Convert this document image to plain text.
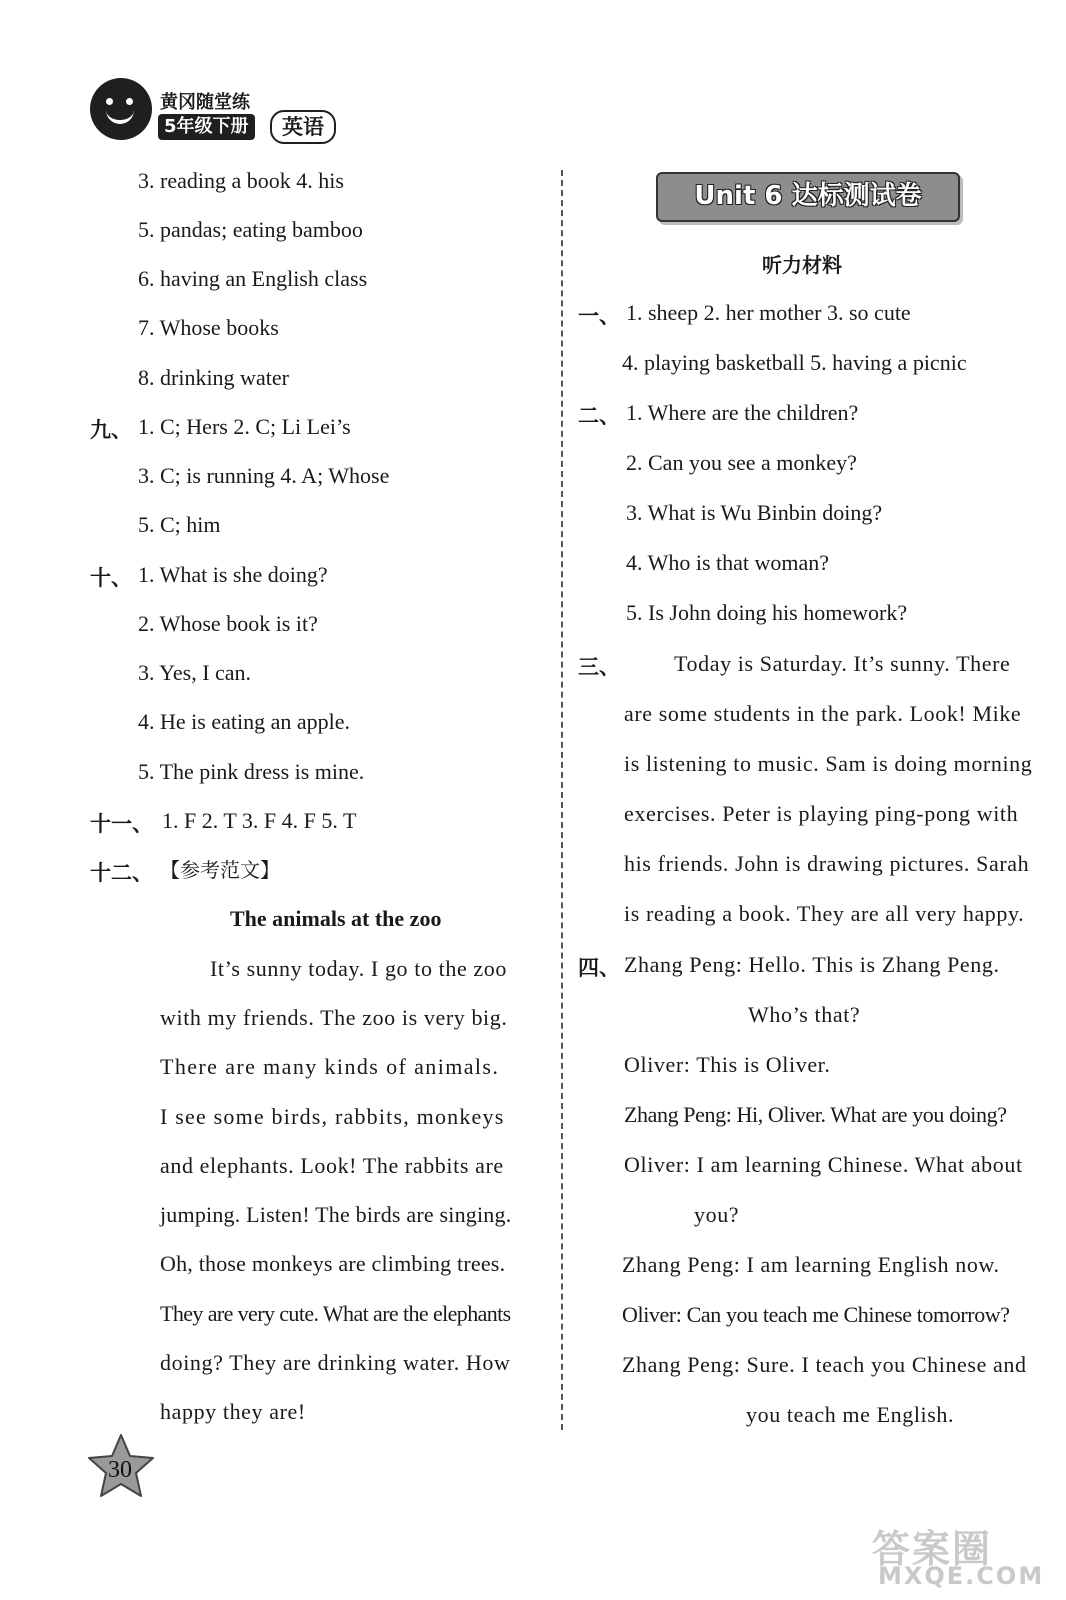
黄冈随堂练
5年级下册	英语
3. reading a book 4. his
5. pandas; eating bamboo
6. having an English class
7. Whose books
8. drinking water
九、 1. C; Hers 2. C; Li Lei’s
3. C; is running 4. A; Whose
5. C; him
十、 1. What is she doing?
2. Whose book is it?
3. Yes, I can.
4. He is eating an apple.
5. The pink dress is mine.
十一、 1. F 2. T 3. F 4. F 5. T
十二、 【参考范文】
The animals at the zoo
It’s sunny today. I go to the zoo
with my friends. The zoo is very big.
There are many kinds of animals.
I see some birds, rabbits, monkeys
and elephants. Look! The rabbits are
jumping. Listen! The birds are singing.
Oh, those monkeys are climbing trees.
They are very cute. What are the elephants
doing? They are drinking water. How
happy they are!
Unit 6 达标测试卷
听力材料
一、 1. sheep 2. her mother 3. so cute
4. playing basketball 5. having a picnic
二、 1. Where are the children?
2. Can you see a monkey?
3. What is Wu Binbin doing?
4. Who is that woman?
5. Is John doing his homework?
三、 Today is Saturday. It’s sunny. There
are some students in the park. Look! Mike
is listening to music. Sam is doing morning
exercises. Peter is playing ping-pong with
his friends. John is drawing pictures. Sarah
is reading a book. They are all very happy.
四、 Zhang Peng: Hello. This is Zhang Peng.
Who’s that?
Oliver: This is Oliver.
Zhang Peng: Hi, Oliver. What are you doing?
Oliver: I am learning Chinese. What about
you?
Zhang Peng: I am learning English now.
Oliver: Can you teach me Chinese tomorrow?
Zhang Peng: Sure. I teach you Chinese and
you teach me English.
30
答案圈
MXQE.COM
